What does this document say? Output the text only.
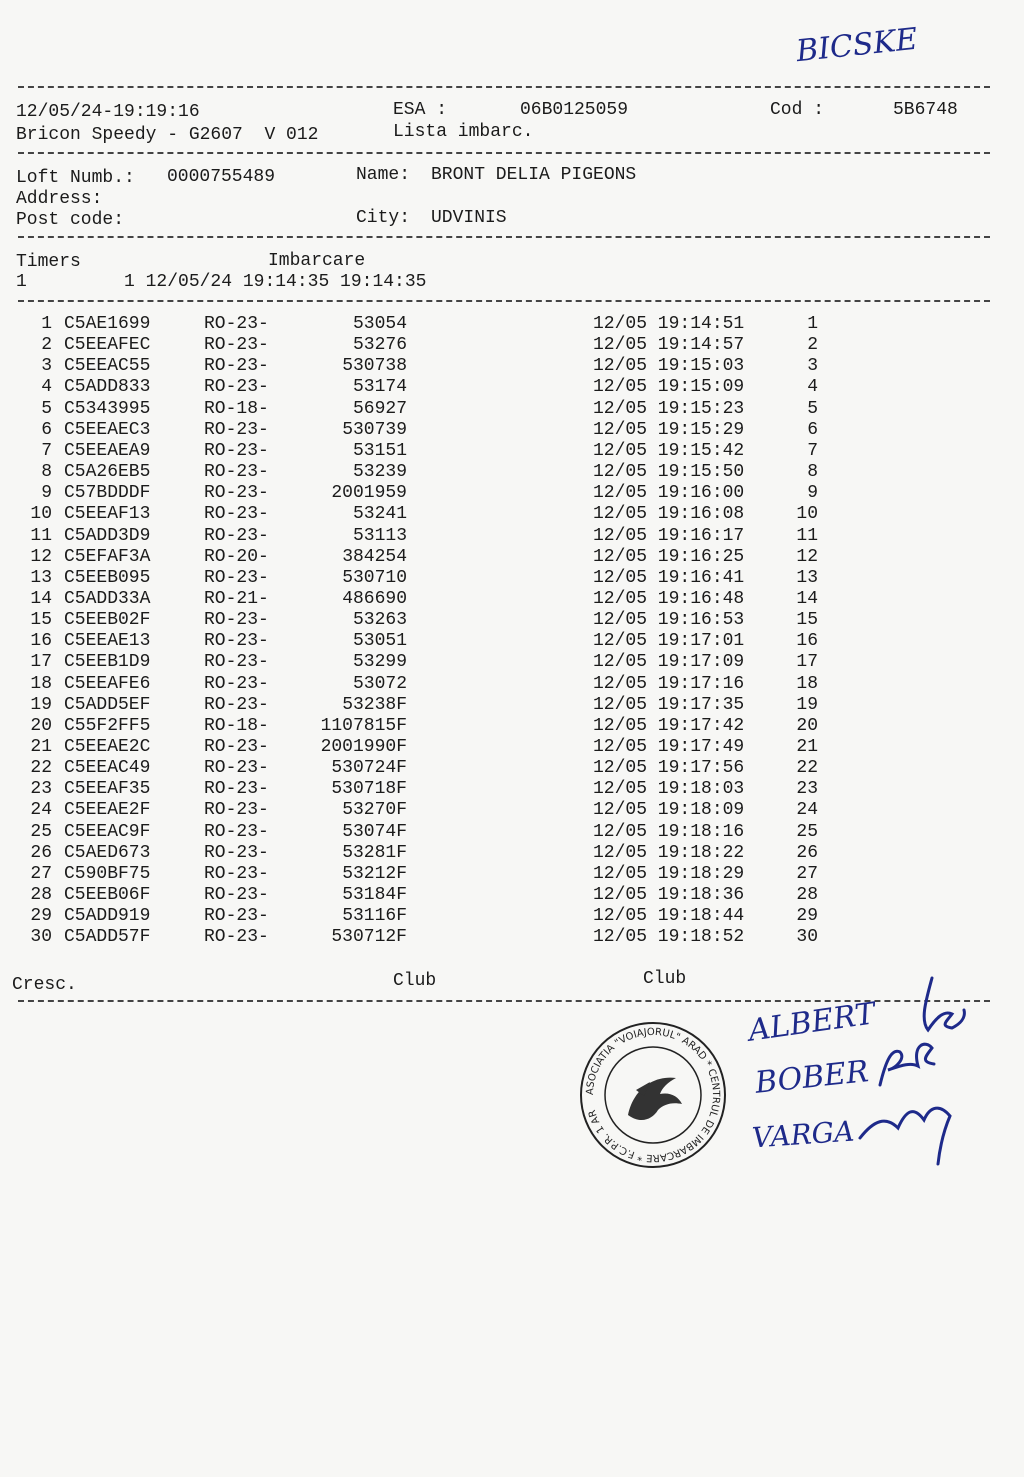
BICSKE
12/05/24-19:19:16	ESA :	06B0125059	Cod :	5B6748
Bricon Speedy - G2607  V 012	Lista imbarc.
Loft Numb.: 0000755489	Name: BRONT DELIA PIGEONS
Address:
Post code:	City: UDVINIS
Timers	Imbarcare
1         1 12/05/24 19:14:35 19:14:35
1 C5AE1699	RO-23-	53054	12/05 19:14:51	1
2 C5EEAFEC	RO-23-	53276	12/05 19:14:57	2
3 C5EEAC55	RO-23-	530738	12/05 19:15:03	3
4 C5ADD833	RO-23-	53174	12/05 19:15:09	4
5 C5343995	RO-18-	56927	12/05 19:15:23	5
6 C5EEAEC3	RO-23-	530739	12/05 19:15:29	6
7 C5EEAEA9	RO-23-	53151	12/05 19:15:42	7
8 C5A26EB5	RO-23-	53239	12/05 19:15:50	8
9 C57BDDDF	RO-23-	2001959	12/05 19:16:00	9
10 C5EEAF13	RO-23-	53241	12/05 19:16:08	10
11 C5ADD3D9	RO-23-	53113	12/05 19:16:17	11
12 C5EFAF3A	RO-20-	384254	12/05 19:16:25	12
13 C5EEB095	RO-23-	530710	12/05 19:16:41	13
14 C5ADD33A	RO-21-	486690	12/05 19:16:48	14
15 C5EEB02F	RO-23-	53263	12/05 19:16:53	15
16 C5EEAE13	RO-23-	53051	12/05 19:17:01	16
17 C5EEB1D9	RO-23-	53299	12/05 19:17:09	17
18 C5EEAFE6	RO-23-	53072	12/05 19:17:16	18
19 C5ADD5EF	RO-23-	53238F	12/05 19:17:35	19
20 C55F2FF5	RO-18-	1107815F	12/05 19:17:42	20
21 C5EEAE2C	RO-23-	2001990F	12/05 19:17:49	21
22 C5EEAC49	RO-23-	530724F	12/05 19:17:56	22
23 C5EEAF35	RO-23-	530718F	12/05 19:18:03	23
24 C5EEAE2F	RO-23-	53270F	12/05 19:18:09	24
25 C5EEAC9F	RO-23-	53074F	12/05 19:18:16	25
26 C5AED673	RO-23-	53281F	12/05 19:18:22	26
27 C590BF75	RO-23-	53212F	12/05 19:18:29	27
28 C5EEB06F	RO-23-	53184F	12/05 19:18:36	28
29 C5ADD919	RO-23-	53116F	12/05 19:18:44	29
30 C5ADD57F	RO-23-	530712F	12/05 19:18:52	30
Cresc.	Club	Club
ASOCIATIA "VOIAJORUL" ARAD * CENTRUL DE IMBARCARE * F.C.P.R. 1 AR
ALBERT
BOBER
VARGA
